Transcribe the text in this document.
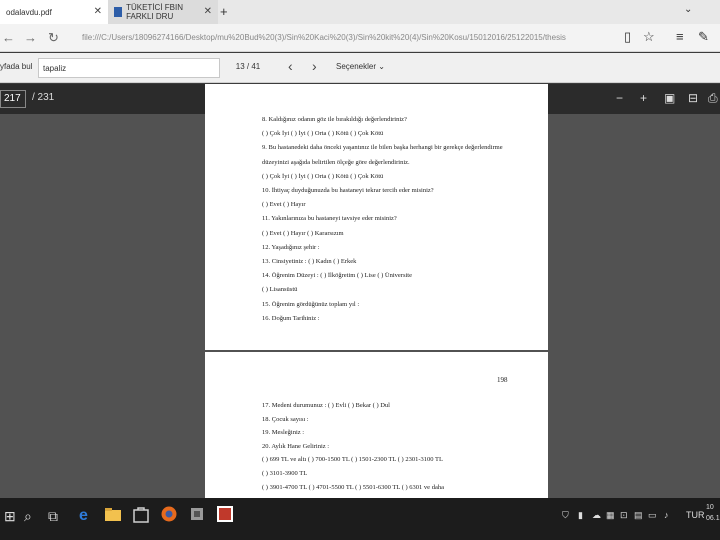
odalavdu.pdf	✕	TÜKETİCİ FBIN FARKLI DRU	✕ +	⌄
← → ↻	file:///C:/Users/18096274166/Desktop/mu%20Bud%20(3)/Sin%20Kaci%20(3)/Sin%20kit%20(4)/Sin%20Kosu/15012016/25122015/thesis	▯ ☆ ≡ ✎
yfada bul	tapaliz	13 / 41	‹ › Seçenekler ⌄
217	/ 231	− + ▣ ⊟ ⎙
8. Kaldığınız odanın göz ile bırakıldığı değerlendiriniz?
( ) Çok İyi ( ) İyi ( ) Orta ( ) Kötü ( ) Çok Kötü
9. Bu hastanedeki daha önceki yaşantınız ile bilen başka herhangi bir gerekçe değerlendirme
düzeyinizi aşağıda belirtilen ölçeğe göre değerlendiriniz.
( ) Çok İyi ( ) İyi ( ) Orta ( ) Kötü ( ) Çok Kötü
10. İhtiyaç duyduğunuzda bu hastaneyi tekrar tercih eder misiniz?
( ) Evet ( ) Hayır
11. Yakınlarınıza bu hastaneyi tavsiye eder misiniz?
( ) Evet ( ) Hayır ( ) Kararsızım
12. Yaşadığınız şehir :
13. Cinsiyetiniz : ( ) Kadın ( ) Erkek
14. Öğrenim Düzeyi : ( ) İlköğretim ( ) Lise ( ) Üniversite
( ) Lisansüstü
15. Öğrenim gördüğünüz toplam yıl :
16. Doğum Tarihiniz :
198
17. Medeni durumunuz : ( ) Evli ( ) Bekar ( ) Dul
18. Çocuk sayısı :
19. Mesleğiniz :
20. Aylık Hane Geliriniz :
( ) 699 TL ve altı ( ) 700-1500 TL ( ) 1501-2300 TL ( ) 2301-3100 TL
( ) 3101-3900 TL
( ) 3901-4700 TL ( ) 4701-5500 TL ( ) 5501-6300 TL ( ) 6301 ve daha
⊞ ⌕ ⧉ e	⛉ ▮ ☁ ▦ ⊡ ▤ ▭ ♪ TUR
10
06.1
